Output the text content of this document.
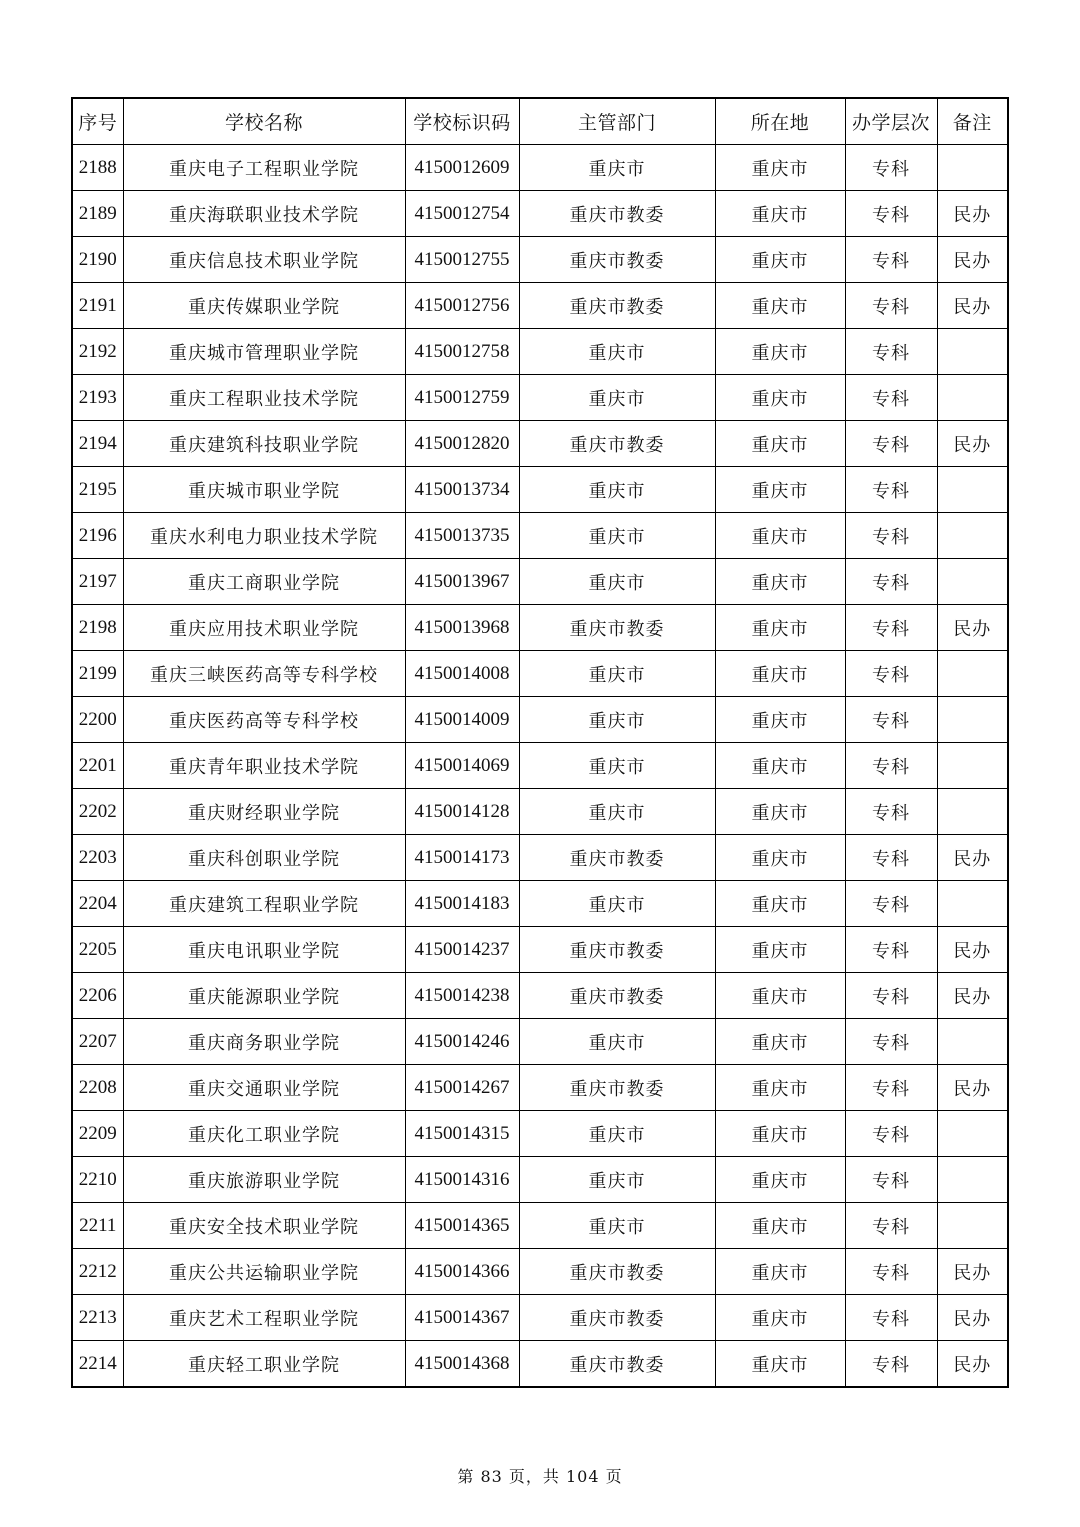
序号	学校名称	学校标识码	主管部门	所在地	办学层次	备注
2188	重庆电子工程职业学院	4150012609	重庆市	重庆市	专科	
2189	重庆海联职业技术学院	4150012754	重庆市教委	重庆市	专科	民办
2190	重庆信息技术职业学院	4150012755	重庆市教委	重庆市	专科	民办
2191	重庆传媒职业学院	4150012756	重庆市教委	重庆市	专科	民办
2192	重庆城市管理职业学院	4150012758	重庆市	重庆市	专科	
2193	重庆工程职业技术学院	4150012759	重庆市	重庆市	专科	
2194	重庆建筑科技职业学院	4150012820	重庆市教委	重庆市	专科	民办
2195	重庆城市职业学院	4150013734	重庆市	重庆市	专科	
2196	重庆水利电力职业技术学院	4150013735	重庆市	重庆市	专科	
2197	重庆工商职业学院	4150013967	重庆市	重庆市	专科	
2198	重庆应用技术职业学院	4150013968	重庆市教委	重庆市	专科	民办
2199	重庆三峡医药高等专科学校	4150014008	重庆市	重庆市	专科	
2200	重庆医药高等专科学校	4150014009	重庆市	重庆市	专科	
2201	重庆青年职业技术学院	4150014069	重庆市	重庆市	专科	
2202	重庆财经职业学院	4150014128	重庆市	重庆市	专科	
2203	重庆科创职业学院	4150014173	重庆市教委	重庆市	专科	民办
2204	重庆建筑工程职业学院	4150014183	重庆市	重庆市	专科	
2205	重庆电讯职业学院	4150014237	重庆市教委	重庆市	专科	民办
2206	重庆能源职业学院	4150014238	重庆市教委	重庆市	专科	民办
2207	重庆商务职业学院	4150014246	重庆市	重庆市	专科	
2208	重庆交通职业学院	4150014267	重庆市教委	重庆市	专科	民办
2209	重庆化工职业学院	4150014315	重庆市	重庆市	专科	
2210	重庆旅游职业学院	4150014316	重庆市	重庆市	专科	
2211	重庆安全技术职业学院	4150014365	重庆市	重庆市	专科	
2212	重庆公共运输职业学院	4150014366	重庆市教委	重庆市	专科	民办
2213	重庆艺术工程职业学院	4150014367	重庆市教委	重庆市	专科	民办
2214	重庆轻工职业学院	4150014368	重庆市教委	重庆市	专科	民办
第 83 页，共 104 页
